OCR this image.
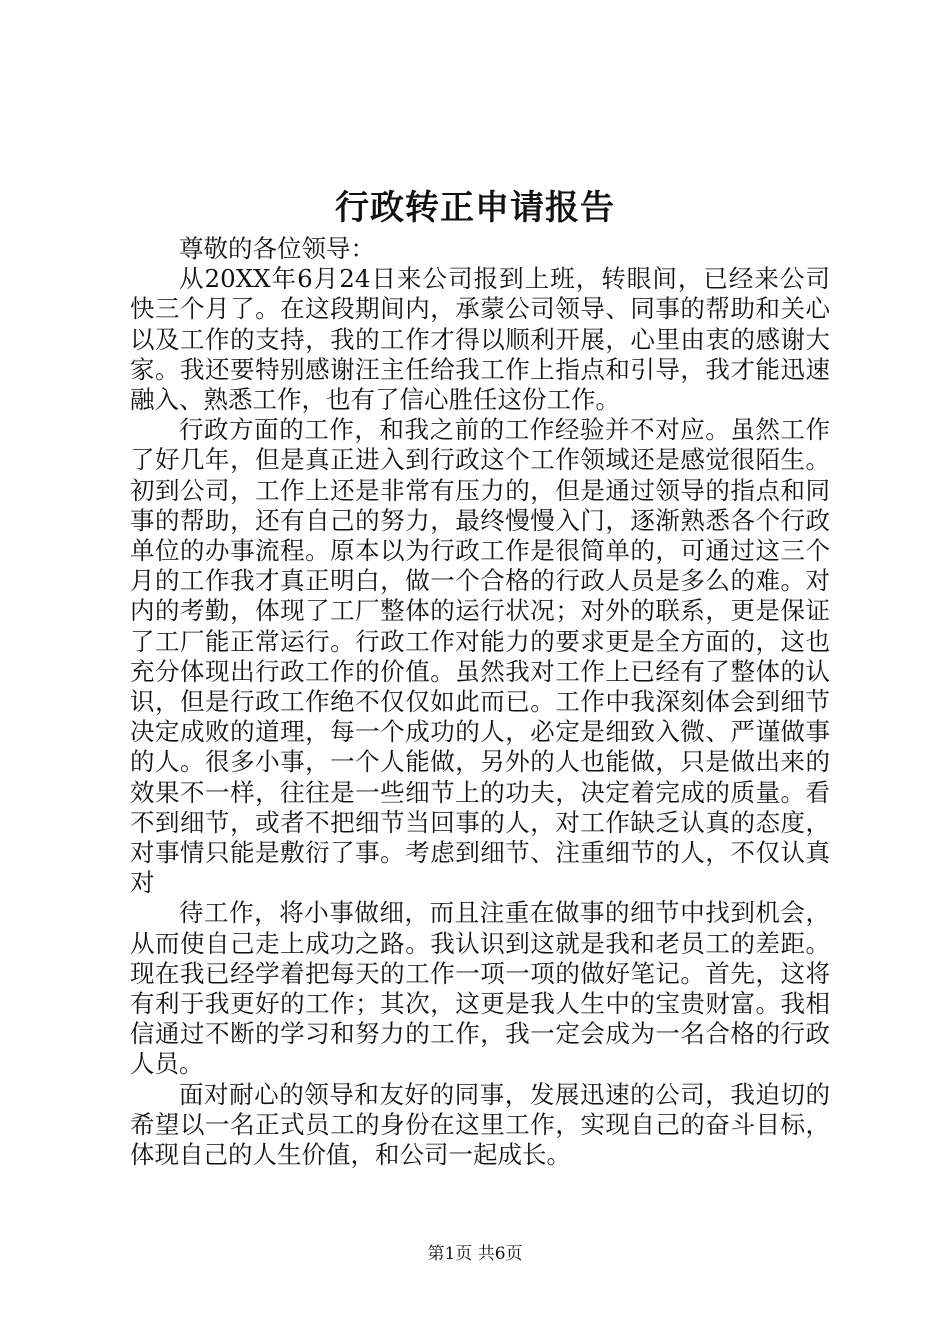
行政转正申请报告

尊敬的各位领导：

从20XX年6月24日来公司报到上班，转眼间，已经来公司快三个月了。在这段期间内，承蒙公司领导、同事的帮助和关心以及工作的支持，我的工作才得以顺利开展，心里由衷的感谢大家。我还要特别感谢汪主任给我工作上指点和引导，我才能迅速融入、熟悉工作，也有了信心胜任这份工作。

行政方面的工作，和我之前的工作经验并不对应。虽然工作了好几年，但是真正进入到行政这个工作领域还是感觉很陌生。初到公司，工作上还是非常有压力的，但是通过领导的指点和同事的帮助，还有自己的努力，最终慢慢入门，逐渐熟悉各个行政单位的办事流程。原本以为行政工作是很简单的，可通过这三个月的工作我才真正明白，做一个合格的行政人员是多么的难。对内的考勤，体现了工厂整体的运行状况；对外的联系，更是保证了工厂能正常运行。行政工作对能力的要求更是全方面的，这也充分体现出行政工作的价值。虽然我对工作上已经有了整体的认识，但是行政工作绝不仅仅如此而已。工作中我深刻体会到细节决定成败的道理，每一个成功的人，必定是细致入微、严谨做事的人。很多小事，一个人能做，另外的人也能做，只是做出来的效果不一样，往往是一些细节上的功夫，决定着完成的质量。看不到细节，或者不把细节当回事的人，对工作缺乏认真的态度，对事情只能是敷衍了事。考虑到细节、注重细节的人，不仅认真对

待工作，将小事做细，而且注重在做事的细节中找到机会，从而使自己走上成功之路。我认识到这就是我和老员工的差距。现在我已经学着把每天的工作一项一项的做好笔记。首先，这将有利于我更好的工作；其次，这更是我人生中的宝贵财富。我相信通过不断的学习和努力的工作，我一定会成为一名合格的行政人员。

面对耐心的领导和友好的同事，发展迅速的公司，我迫切的希望以一名正式员工的身份在这里工作，实现自己的奋斗目标，体现自己的人生价值，和公司一起成长。

第1页 共6页
